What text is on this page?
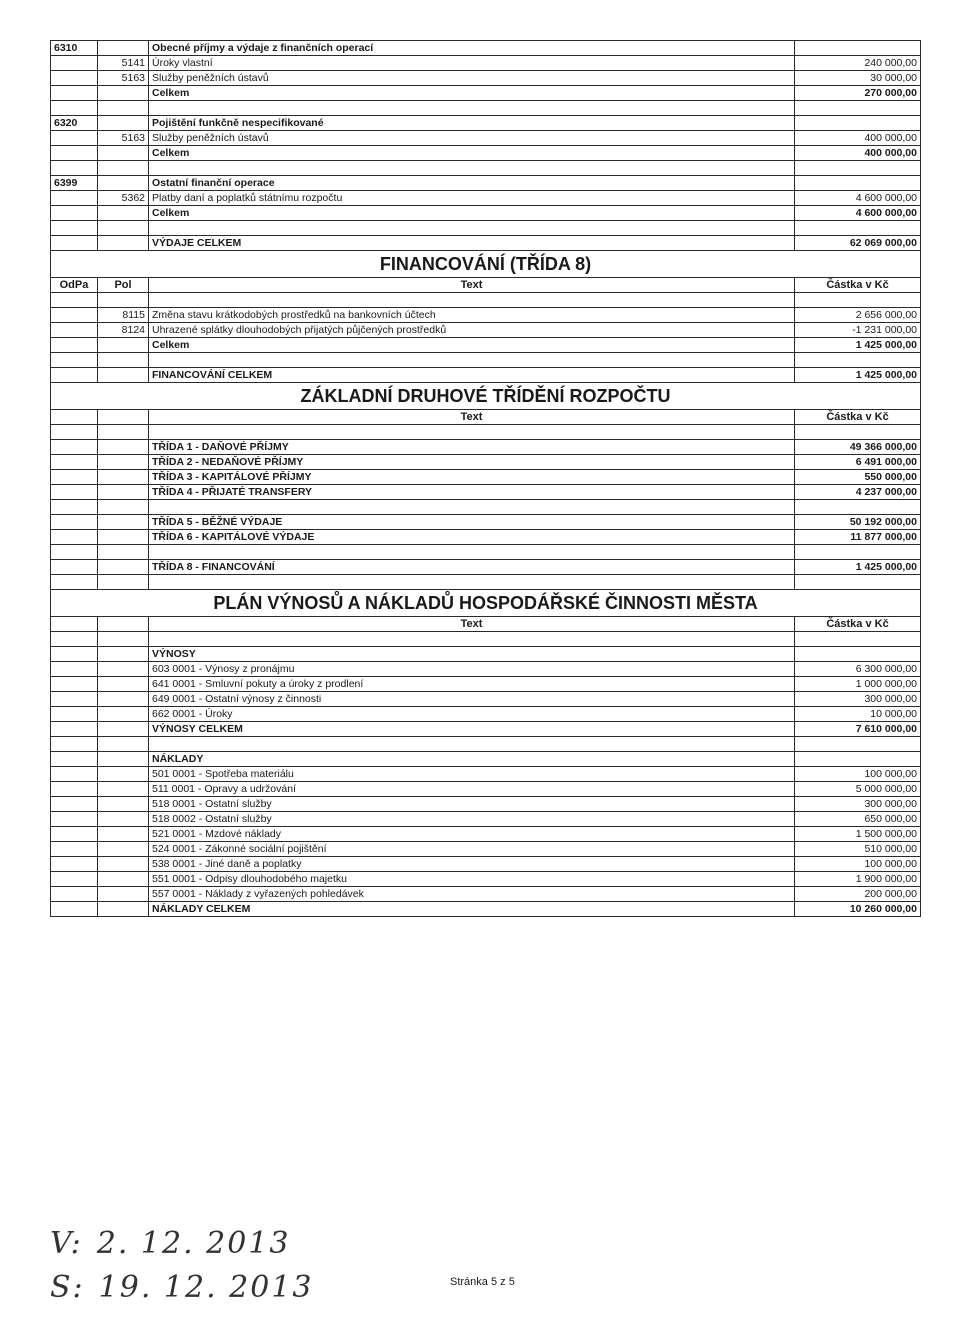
6310		Obecné příjmy a výdaje z finančních operací	
	5141	Úroky vlastní	240 000,00
	5163	Služby peněžních ústavů	30 000,00
		Celkem	270 000,00

6320		Pojištění funkčně nespecifikované	
	5163	Služby peněžních ústavů	400 000,00
		Celkem	400 000,00

6399		Ostatní finanční operace	
	5362	Platby daní a poplatků státnímu rozpočtu	4 600 000,00
		Celkem	4 600 000,00

		VÝDAJE CELKEM	62 069 000,00
FINANCOVÁNÍ (TŘÍDA 8)			
OdPa	Pol	Text	Částka v Kč

	8115	Změna stavu krátkodobých prostředků na bankovních účtech	2 656 000,00
	8124	Uhrazené splátky dlouhodobých přijatých půjčených prostředků	-1 231 000,00
		Celkem	1 425 000,00

		FINANCOVÁNÍ CELKEM	1 425 000,00
ZÁKLADNÍ DRUHOVÉ TŘÍDĚNÍ ROZPOČTU			
		Text	Částka v Kč

		TŘÍDA 1 - DAŇOVÉ PŘÍJMY	49 366 000,00
		TŘÍDA 2 - NEDAŇOVÉ PŘÍJMY	6 491 000,00
		TŘÍDA 3 - KAPITÁLOVÉ PŘÍJMY	550 000,00
		TŘÍDA 4 - PŘIJATÉ TRANSFERY	4 237 000,00

		TŘÍDA 5 - BĚŽNÉ VÝDAJE	50 192 000,00
		TŘÍDA 6 - KAPITÁLOVÉ VÝDAJE	11 877 000,00

		TŘÍDA 8 - FINANCOVÁNÍ	1 425 000,00

PLÁN VÝNOSŮ A NÁKLADŮ HOSPODÁŘSKÉ ČINNOSTI MĚSTA			
		Text	Částka v Kč

		VÝNOSY	
		603 0001 - Výnosy z pronájmu	6 300 000,00
		641 0001 - Smluvní pokuty a úroky z prodlení	1 000 000,00
		649 0001 - Ostatní výnosy z činnosti	300 000,00
		662 0001 - Úroky	10 000,00
		VÝNOSY CELKEM	7 610 000,00

		NÁKLADY	
		501 0001 - Spotřeba materiálu	100 000,00
		511 0001 - Opravy a udržování	5 000 000,00
		518 0001 - Ostatní služby	300 000,00
		518 0002 - Ostatní služby	650 000,00
		521 0001 - Mzdové náklady	1 500 000,00
		524 0001 - Zákonné sociální pojištění	510 000,00
		538 0001 - Jiné daně a poplatky	100 000,00
		551 0001 - Odpisy dlouhodobého majetku	1 900 000,00
		557 0001 - Náklady z vyřazených pohledávek	200 000,00
		NÁKLADY CELKEM	10 260 000,00
V: 2. 12. 2013
S: 19. 12. 2013	Stránka 5 z 5
